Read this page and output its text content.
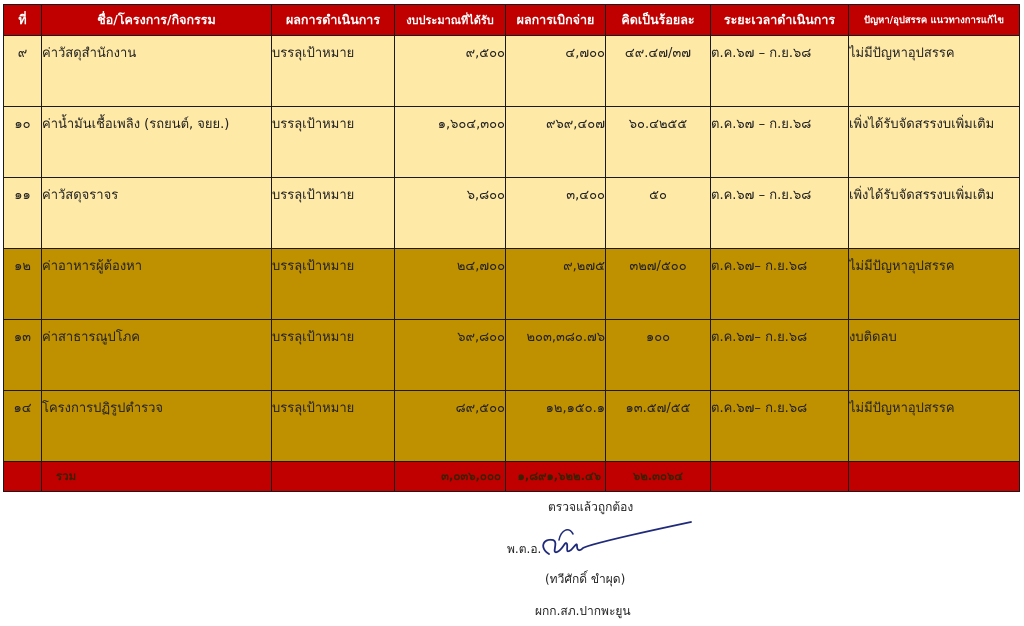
ที่	ชื่อ/โครงการ/กิจกรรม	ผลการดำเนินการ	งบประมาณที่ได้รับ	ผลการเบิกจ่าย	คิดเป็นร้อยละ	ระยะเวลาดำเนินการ	ปัญหา/อุปสรรค แนวทางการแก้ไข
๙	ค่าวัสดุสำนักงาน	บรรลุเป้าหมาย	๙,๕๐๐	๔,๗๐๐	๔๙.๔๗/๓๗	ต.ค.๖๗ – ก.ย.๖๘	ไม่มีปัญหาอุปสรรค
๑๐	ค่าน้ำมันเชื้อเพลิง (รถยนต์, จยย.)	บรรลุเป้าหมาย	๑,๖๐๔,๓๐๐	๙๖๙,๔๐๗	๖๐.๔๒๕๕	ต.ค.๖๗ – ก.ย.๖๘	เพิ่งได้รับจัดสรรงบเพิ่มเติม
๑๑	ค่าวัสดุจราจร	บรรลุเป้าหมาย	๖,๘๐๐	๓,๔๐๐	๕๐	ต.ค.๖๗ – ก.ย.๖๘	เพิ่งได้รับจัดสรรงบเพิ่มเติม
๑๒	ค่าอาหารผู้ต้องหา	บรรลุเป้าหมาย	๒๔,๗๐๐	๙,๒๗๕	๓๒๗/๕๐๐	ต.ค.๖๗– ก.ย.๖๘	ไม่มีปัญหาอุปสรรค
๑๓	ค่าสาธารณูปโภค	บรรลุเป้าหมาย	๖๙,๘๐๐	๒๐๓,๓๘๐.๗๖	๑๐๐	ต.ค.๖๗– ก.ย.๖๘	งบติดลบ
๑๔	โครงการปฏิรูปตำรวจ	บรรลุเป้าหมาย	๘๙,๕๐๐	๑๒,๑๕๐.๑	๑๓.๕๗/๕๕	ต.ค.๖๗– ก.ย.๖๘	ไม่มีปัญหาอุปสรรค
	รวม		๓,๐๓๖,๐๐๐	๑,๘๙๑,๖๒๒.๔๖	๖๒.๓๐๖๔		
ตรวจแล้วถูกต้อง
พ.ต.อ.
(ทวีศักดิ์ ขำผุด)
ผกก.สภ.ปากพะยูน
